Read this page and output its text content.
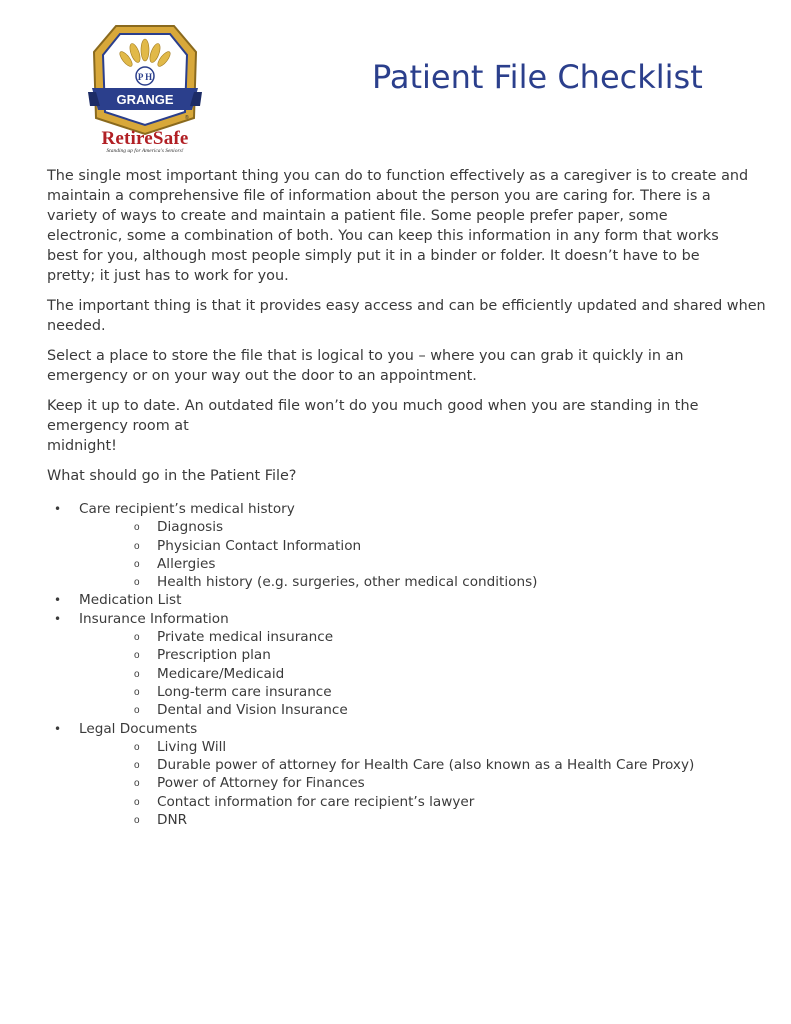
P H
GRANGE
®
RetireSafe
Standing up for America's Seniors!
Patient File Checklist

The single most important thing you can do to function effectively as a caregiver is to create and
maintain a comprehensive file of information about the person you are caring for. There is a
variety of ways to create and maintain a patient file. Some people prefer paper, some
electronic, some a combination of both. You can keep this information in any form that works
best for you, although most people simply put it in a binder or folder. It doesn’t have to be
pretty; it just has to work for you.

The important thing is that it provides easy access and can be efficiently updated and shared when
needed.

Select a place to store the file that is logical to you – where you can grab it quickly in an
emergency or on your way out the door to an appointment.

Keep it up to date. An outdated file won’t do you much good when you are standing in the
emergency room at
midnight!

What should go in the Patient File?

• Care recipient’s medical history
o Diagnosis
o Physician Contact Information
o Allergies
o Health history (e.g. surgeries, other medical conditions)
• Medication List
• Insurance Information
o Private medical insurance
o Prescription plan
o Medicare/Medicaid
o Long-term care insurance
o Dental and Vision Insurance
• Legal Documents
o Living Will
o Durable power of attorney for Health Care (also known as a Health Care Proxy)
o Power of Attorney for Finances
o Contact information for care recipient’s lawyer
o DNR
